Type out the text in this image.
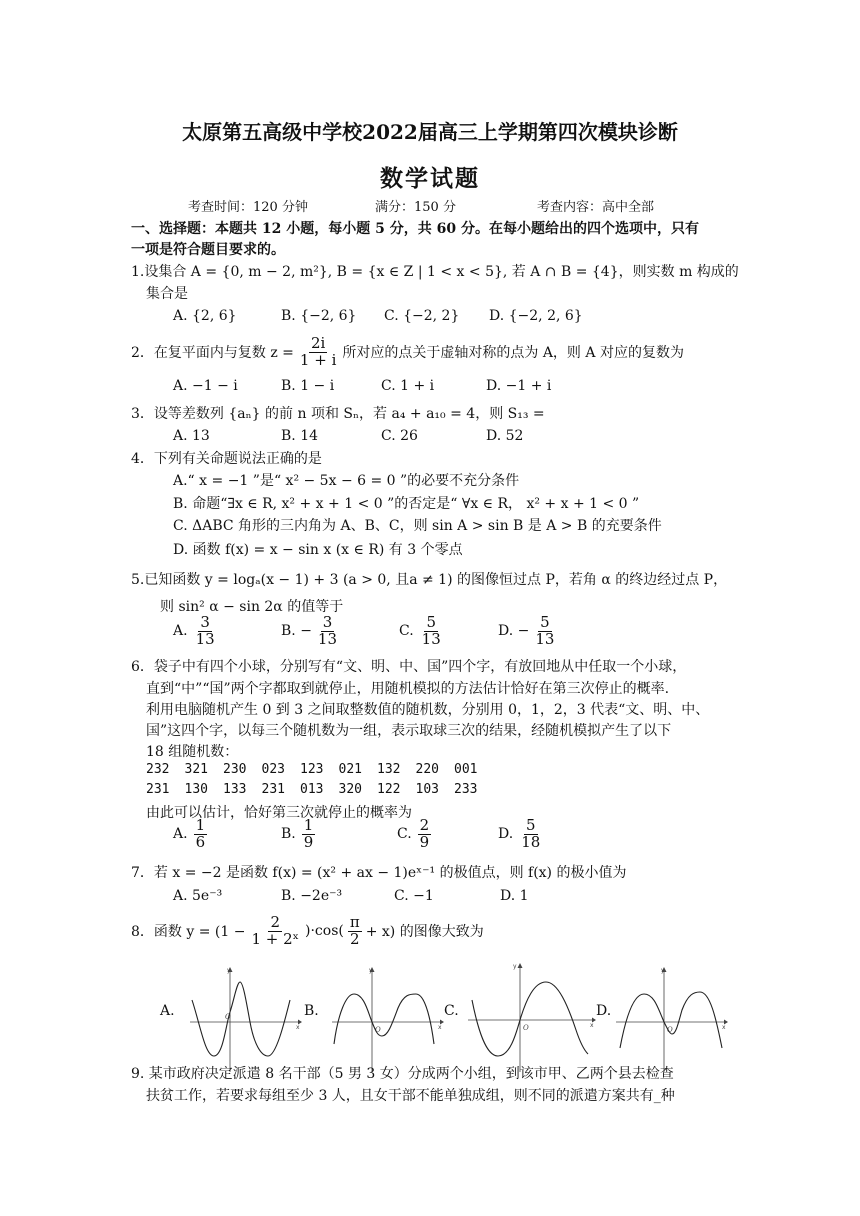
太原第五高级中学校2022届高三上学期第四次模块诊断
数学试题
考查时间：120 分钟	满分：150 分	考查内容：高中全部
一、选择题：本题共 12 小题，每小题 5 分，共 60 分。在每小题给出的四个选项中，只有
一项是符合题目要求的。
1.设集合 A = {0, m − 2, m²}, B = {x ∈ Z | 1 < x < 5}, 若 A ∩ B = {4}，则实数 m 构成的
集合是
A. {2, 6}	B. {−2, 6} C. {−2, 2} D. {−2, 2, 6}
2．在复平面内与复数 $z = \frac{2i}{1 + i}$ 所对应的点关于虚轴对称的点为 A，则 A 对应的复数为
A. −1 − i	B. 1 − i	C. 1 + i	D. −1 + i
3．设等差数列 {aₙ} 的前 n 项和 Sₙ，若 a₄ + a₁₀ = 4，则 S₁₃ =
A. 13	B. 14	C. 26	D. 52
4．下列有关命题说法正确的是
A.“ x = −1 ”是“ x² − 5x − 6 = 0 ”的必要不充分条件
B. 命题“∃x ∈ R, x² + x + 1 < 0 ”的否定是“ ∀x ∈ R， x² + x + 1 < 0 ”
C. ΔABC 角形的三内角为 A、B、C，则 sin A > sin B 是 A > B 的充要条件
D. 函数 f(x) = x − sin x (x ∈ R) 有 3 个零点
5.已知函数 y = logₐ(x − 1) + 3 (a > 0, 且a ≠ 1) 的图像恒过点 P，若角 α 的终边经过点 P，
则 sin² α − sin 2α 的值等于
A. $\frac{3}{13}$	B. − $\frac{3}{13}$	C. $\frac{5}{13}$	D. − $\frac{5}{13}$
6．袋子中有四个小球，分别写有“文、明、中、国”四个字，有放回地从中任取一个小球，
直到“中”“国”两个字都取到就停止，用随机模拟的方法估计恰好在第三次停止的概率.
利用电脑随机产生 0 到 3 之间取整数值的随机数，分别用 0，1，2，3 代表“文、明、中、
国”这四个字，以每三个随机数为一组，表示取球三次的结果，经随机模拟产生了以下
18 组随机数：
232 321 230 023 123 021 132 220 001
231 130 133 231 013 320 122 103 233
由此可以估计，恰好第三次就停止的概率为
A. $\frac{1}{6}$	B. $\frac{1}{9}$	C. $\frac{2}{9}$	D. $\frac{5}{18}$
7．若 x = −2 是函数 f(x) = (x² + ax − 1)eˣ⁻¹ 的极值点，则 f(x) 的极小值为
A. 5e⁻³	B. −2e⁻³	C. −1	D. 1
8．函数 $y = (1 - \frac{2}{\text{1 + 2ˣ}} )\cdot\cos( \frac{\pi}{2} + x)$ 的图像大致为
A.
y
x
O	B.
y
x
O
C.
y
x
O
D.
y
x
O
9. 某市政府决定派遣 8 名干部（5 男 3 女）分成两个小组，到该市甲、乙两个县去检查
扶贫工作，若要求每组至少 3 人，且女干部不能单独成组，则不同的派遣方案共有_种
